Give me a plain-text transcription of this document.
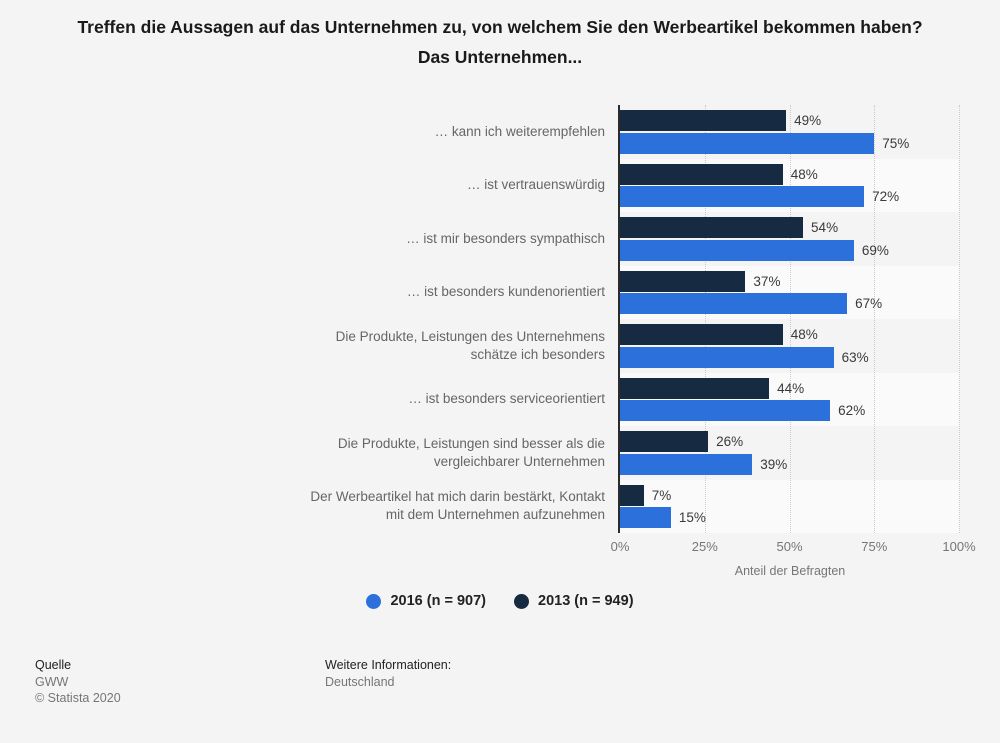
Treffen die Aussagen auf das Unternehmen zu, von welchem Sie den Werbeartikel bekommen haben? Das Unternehmen...
0%	25%	50%	75%	100%
… kann ich weiterempfehlen
49%
75%
… ist vertrauenswürdig
48%
72%
… ist mir besonders sympathisch
54%
69%
… ist besonders kundenorientiert
37%
67%
Die Produkte, Leistungen des Unternehmens schätze ich besonders
48%
63%
… ist besonders serviceorientiert
44%
62%
Die Produkte, Leistungen sind besser als die vergleichbarer Unternehmen
26%
39%
Der Werbeartikel hat mich darin bestärkt, Kontakt mit dem Unternehmen aufzunehmen
7%
15%
Anteil der Befragten
2016 (n = 907)	2013 (n = 949)
Quelle
GWW
© Statista 2020
Weitere Informationen:
Deutschland
